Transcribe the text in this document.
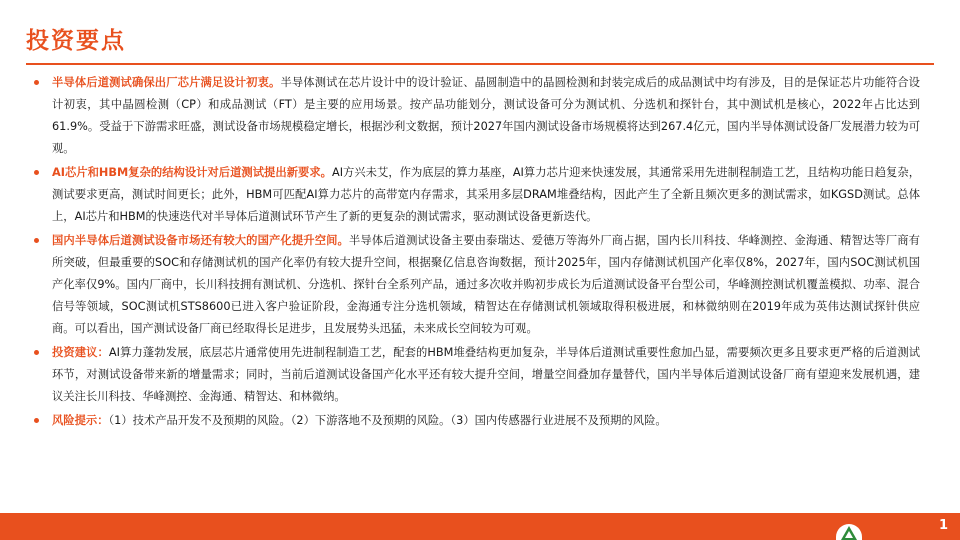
投资要点
半导体后道测试确保出厂芯片满足设计初衷。半导体测试在芯片设计中的设计验证、晶圆制造中的晶圆检测和封装完成后的成品测试中均有涉及，目的是保证芯片功能符合设计初衷，其中晶圆检测（CP）和成品测试（FT）是主要的应用场景。按产品功能划分，测试设备可分为测试机、分选机和探针台，其中测试机是核心，2022年占比达到61.9%。受益于下游需求旺盛，测试设备市场规模稳定增长，根据沙利文数据，预计2027年国内测试设备市场规模将达到267.4亿元，国内半导体测试设备厂发展潜力较为可观。
AI芯片和HBM复杂的结构设计对后道测试提出新要求。AI方兴未艾，作为底层的算力基座，AI算力芯片迎来快速发展，其通常采用先进制程制造工艺，且结构功能日趋复杂，测试要求更高，测试时间更长；此外，HBM可匹配AI算力芯片的高带宽内存需求，其采用多层DRAM堆叠结构，因此产生了全新且频次更多的测试需求，如KGSD测试。总体上，AI芯片和HBM的快速迭代对半导体后道测试环节产生了新的更复杂的测试需求，驱动测试设备更新迭代。
国内半导体后道测试设备市场还有较大的国产化提升空间。半导体后道测试设备主要由泰瑞达、爱德万等海外厂商占据，国内长川科技、华峰测控、金海通、精智达等厂商有所突破，但最重要的SOC和存储测试机的国产化率仍有较大提升空间，根据聚亿信息咨询数据，预计2025年，国内存储测试机国产化率仅8%，2027年，国内SOC测试机国产化率仅9%。国内厂商中，长川科技拥有测试机、分选机、探针台全系列产品，通过多次收并购初步成长为后道测试设备平台型公司，华峰测控测试机覆盖模拟、功率、混合信号等领域，SOC测试机STS8600已进入客户验证阶段，金海通专注分选机领域，精智达在存储测试机领域取得积极进展，和林微纳则在2019年成为英伟达测试探针供应商。可以看出，国产测试设备厂商已经取得长足进步，且发展势头迅猛，未来成长空间较为可观。
投资建议：AI算力蓬勃发展，底层芯片通常使用先进制程制造工艺，配套的HBM堆叠结构更加复杂，半导体后道测试重要性愈加凸显，需要频次更多且要求更严格的后道测试环节，对测试设备带来新的增量需求；同时，当前后道测试设备国产化水平还有较大提升空间，增量空间叠加存量替代，国内半导体后道测试设备厂商有望迎来发展机遇，建议关注长川科技、华峰测控、金海通、精智达、和林微纳。
风险提示：（1）技术产品开发不及预期的风险。（2）下游落地不及预期的风险。（3）国内传感器行业进展不及预期的风险。
1
